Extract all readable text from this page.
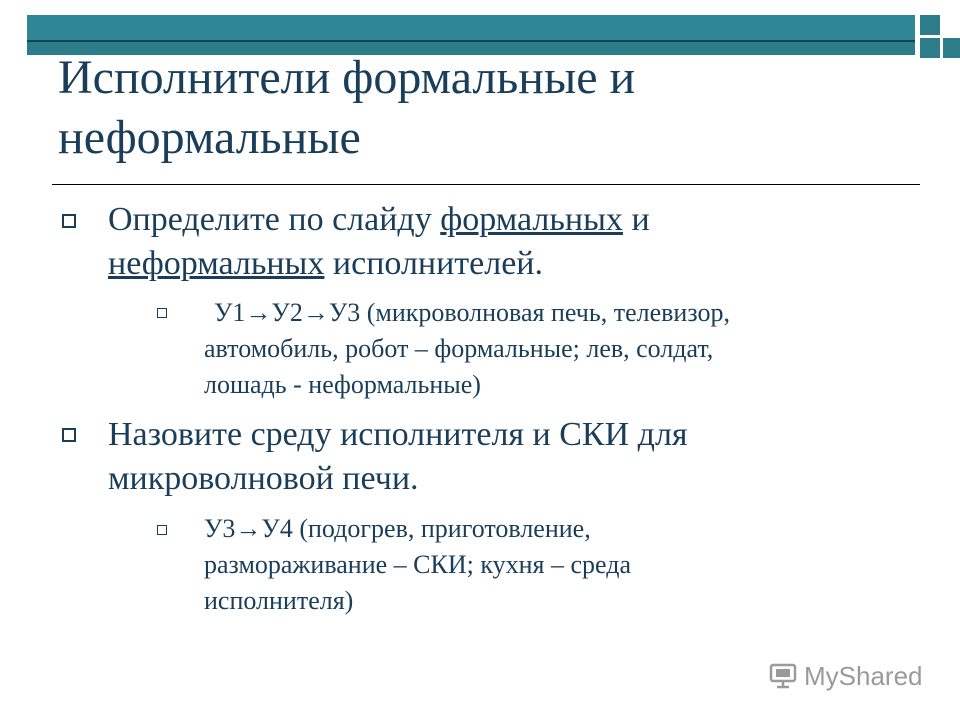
Исполнители формальные и неформальные
Определите по слайду формальных и
неформальных исполнителей.
У1→У2→У3 (микроволновая печь, телевизор,
автомобиль, робот – формальные; лев, солдат,
лошадь - неформальные)
Назовите среду исполнителя и СКИ для
микроволновой печи.
У3→У4 (подогрев, приготовление,
размораживание – СКИ; кухня – среда
исполнителя)
MyShared
